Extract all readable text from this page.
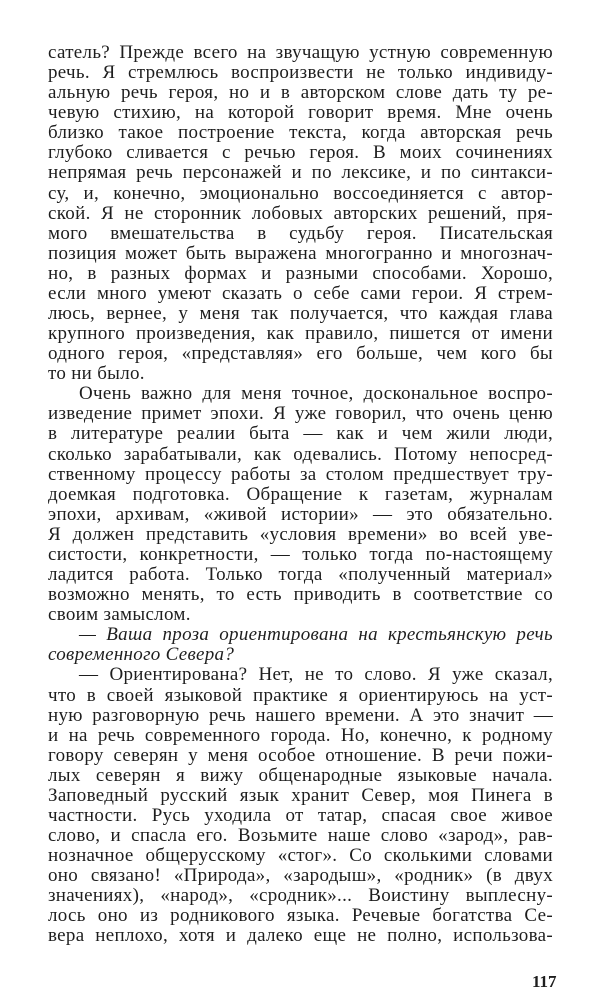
сатель? Прежде всего на звучащую устную современную
речь. Я стремлюсь воспроизвести не только индивиду-
альную речь героя, но и в авторском слове дать ту ре-
чевую стихию, на которой говорит время. Мне очень
близко такое построение текста, когда авторская речь
глубоко сливается с речью героя. В моих сочинениях
непрямая речь персонажей и по лексике, и по синтакси-
су, и, конечно, эмоционально воссоединяется с автор-
ской. Я не сторонник лобовых авторских решений, пря-
мого вмешательства в судьбу героя. Писательская
позиция может быть выражена многогранно и многознач-
но, в разных формах и разными способами. Хорошо,
если много умеют сказать о себе сами герои. Я стрем-
люсь, вернее, у меня так получается, что каждая глава
крупного произведения, как правило, пишется от имени
одного героя, «представляя» его больше, чем кого бы
то ни было.
Очень важно для меня точное, доскональное воспро-
изведение примет эпохи. Я уже говорил, что очень ценю
в литературе реалии быта — как и чем жили люди,
сколько зарабатывали, как одевались. Потому непосред-
ственному процессу работы за столом предшествует тру-
доемкая подготовка. Обращение к газетам, журналам
эпохи, архивам, «живой истории» — это обязательно.
Я должен представить «условия времени» во всей уве-
систости, конкретности, — только тогда по-настоящему
ладится работа. Только тогда «полученный материал»
возможно менять, то есть приводить в соответствие со
своим замыслом.
— Ваша проза ориентирована на крестьянскую речь
современного Севера?
— Ориентирована? Нет, не то слово. Я уже сказал,
что в своей языковой практике я ориентируюсь на уст-
ную разговорную речь нашего времени. А это значит —
и на речь современного города. Но, конечно, к родному
говору северян у меня особое отношение. В речи пожи-
лых северян я вижу общенародные языковые начала.
Заповедный русский язык хранит Север, моя Пинега в
частности. Русь уходила от татар, спасая свое живое
слово, и спасла его. Возьмите наше слово «зарод», рав-
нозначное общерусскому «стог». Со сколькими словами
оно связано! «Природа», «зародыш», «родник» (в двух
значениях), «народ», «сродник»... Воистину выплесну-
лось оно из родникового языка. Речевые богатства Се-
вера неплохо, хотя и далеко еще не полно, использова-
117
